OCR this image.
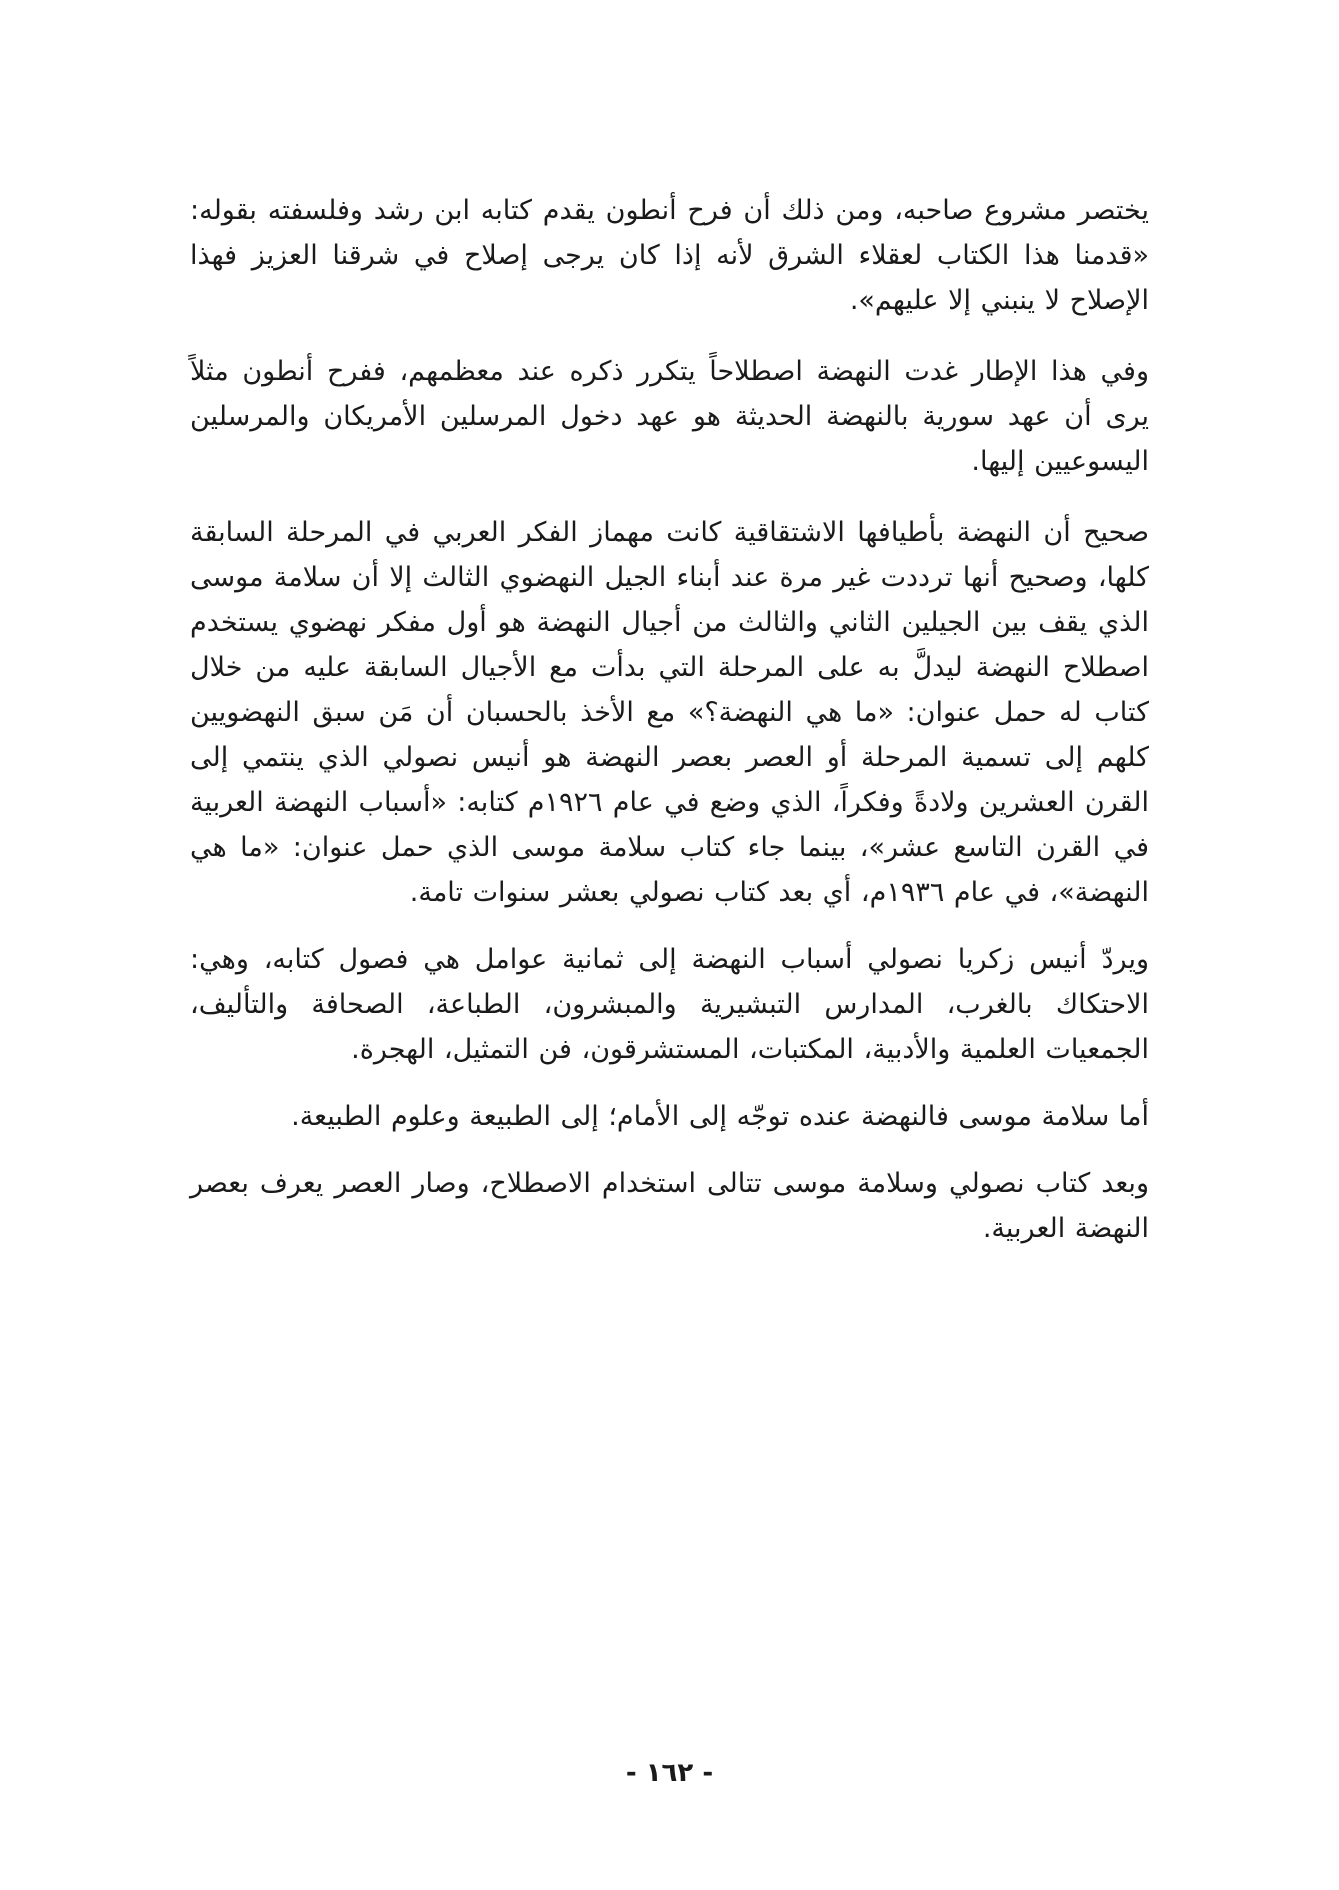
يختصر مشروع صاحبه، ومن ذلك أن فرح أنطون يقدم كتابه ابن رشد وفلسفته بقوله: «قدمنا هذا الكتاب لعقلاء الشرق لأنه إذا كان يرجى إصلاح في شرقنا العزيز فهذا الإصلاح لا ينبني إلا عليهم».

وفي هذا الإطار غدت النهضة اصطلاحاً يتكرر ذكره عند معظمهم، ففرح أنطون مثلاً يرى أن عهد سورية بالنهضة الحديثة هو عهد دخول المرسلين الأمريكان والمرسلين اليسوعيين إليها.

صحيح أن النهضة بأطيافها الاشتقاقية كانت مهماز الفكر العربي في المرحلة السابقة كلها، وصحيح أنها ترددت غير مرة عند أبناء الجيل النهضوي الثالث إلا أن سلامة موسى الذي يقف بين الجيلين الثاني والثالث من أجيال النهضة هو أول مفكر نهضوي يستخدم اصطلاح النهضة ليدلَّ به على المرحلة التي بدأت مع الأجيال السابقة عليه من خلال كتاب له حمل عنوان: «ما هي النهضة؟» مع الأخذ بالحسبان أن مَن سبق النهضويين كلهم إلى تسمية المرحلة أو العصر بعصر النهضة هو أنيس نصولي الذي ينتمي إلى القرن العشرين ولادةً وفكراً، الذي وضع في عام ١٩٢٦م كتابه: «أسباب النهضة العربية في القرن التاسع عشر»، بينما جاء كتاب سلامة موسى الذي حمل عنوان: «ما هي النهضة»، في عام ١٩٣٦م، أي بعد كتاب نصولي بعشر سنوات تامة.

ويردّ أنيس زكريا نصولي أسباب النهضة إلى ثمانية عوامل هي فصول كتابه، وهي: الاحتكاك بالغرب، المدارس التبشيرية والمبشرون، الطباعة، الصحافة والتأليف، الجمعيات العلمية والأدبية، المكتبات، المستشرقون، فن التمثيل، الهجرة.

أما سلامة موسى فالنهضة عنده توجّه إلى الأمام؛ إلى الطبيعة وعلوم الطبيعة.

وبعد كتاب نصولي وسلامة موسى تتالى استخدام الاصطلاح، وصار العصر يعرف بعصر النهضة العربية.

- ١٦٢ -
